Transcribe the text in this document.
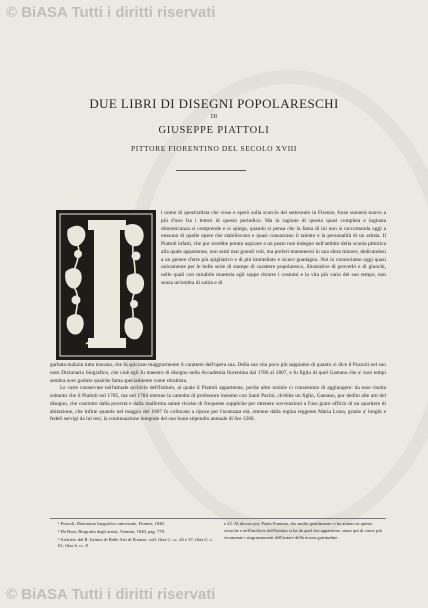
© BiASA Tutti i diritti riservati
DUE LIBRI DI DISEGNI POPOLARESCHI
DI
GIUSEPPE PIATTOLI
PITTORE FIORENTINO DEL SECOLO XVIII
l nome di quest'artista che visse e operò sulla scorcio del settecento in Firenze, forse suonerà nuovo a più d'uno fra i lettori di questo periodico. Ma la ragione di questa quasi completa e ingiusta dimenticanza si comprende e si spiega, quando si pensa che la fama di lui non si raccomanda oggi a nessuna di quelle opere che stabiliscono e quasi consacrano il talento e la personalità di un artista. Il Piattoli infatti, che pur avrebbe potuto aspirare a un posto non indegno nell'ambito della scuola pittorica alla quale appartenne, non sentì mai grandi voli, ma preferì mantenersi in una sfera minore, dedicandosi a un genere d'arte più spigliativo e di più immediato e sicuro guadagno. Noi lo conosciamo oggi quasi unicamente per le belle serie di stampe di carattere popolaresco, illustrative di proverbi e di giuochi, nelle quali con mirabile maestria egli seppe ritrarre i costumi e la vita più varia del suo tempo, non senza un'ombra di satira e di

garbata malizia tutta toscana, che fa spiccare maggiormente il carattere dell'opera sua. Della sua vita poco più sappiamo di quanto ci dice il Pozzoli nel suo noto Dizionario biografico, che cioè egli fu maestro di disegno nella Accademia fiorentina dal 1786 al 1807, e fu figlio di quel Gaetano che a' suoi tempi sembra aver goduto qualche fama specialmente come ritrattista.

Le carte conservate nell'attuale archivio dell'Istituto, al quale il Piattoli appartenne, poche altre notizie ci consentono di aggiungere: da esse risulta soltanto che il Piattoli nel 1785, ma nel 1784 ottenne la cattedra di professore insieme con Santi Pacini, ch'ebbe un figlio, Gaetano, pur dedito alle arti del disegno, che costretto dalla povertà e dalla malferma salute rivolse di frequente suppliche per ottenere sovvenzioni a l'uso grato ufficio di un quartiere di abitazione, che infine quando nel maggio del 1807 fu collocato a riposo per l'avanzata età, ottenne dalla regina reggente Maria Luisa, grazie a' lunghi e fedeli servigi da lui resi, la continuazione integrale del suo buon stipendio annuale di lire 1260.

¹ Pozzoli, Dizionario biografico universale, Firenze, 1840.

² De Boni, Biografia degli artisti, Venezia, 1840, pag. 779.

³ Archivio del R. Istituto di Belle Arti di Firenze, voll. filza C. cc. 26 e 37; filza G. c. 61; filza S, cc. 8

e 22. Al dicono poi, Paolo Fontana, che molto gentilmente ci ha aiutato in queste ricerche e nell'archivio dell'Istituto si ha da quel che appartiene, siano qui di cuore più vivamente i ringraziamenti dell'autore della nostra gratitudine.

© BiASA Tutti i diritti riservati
